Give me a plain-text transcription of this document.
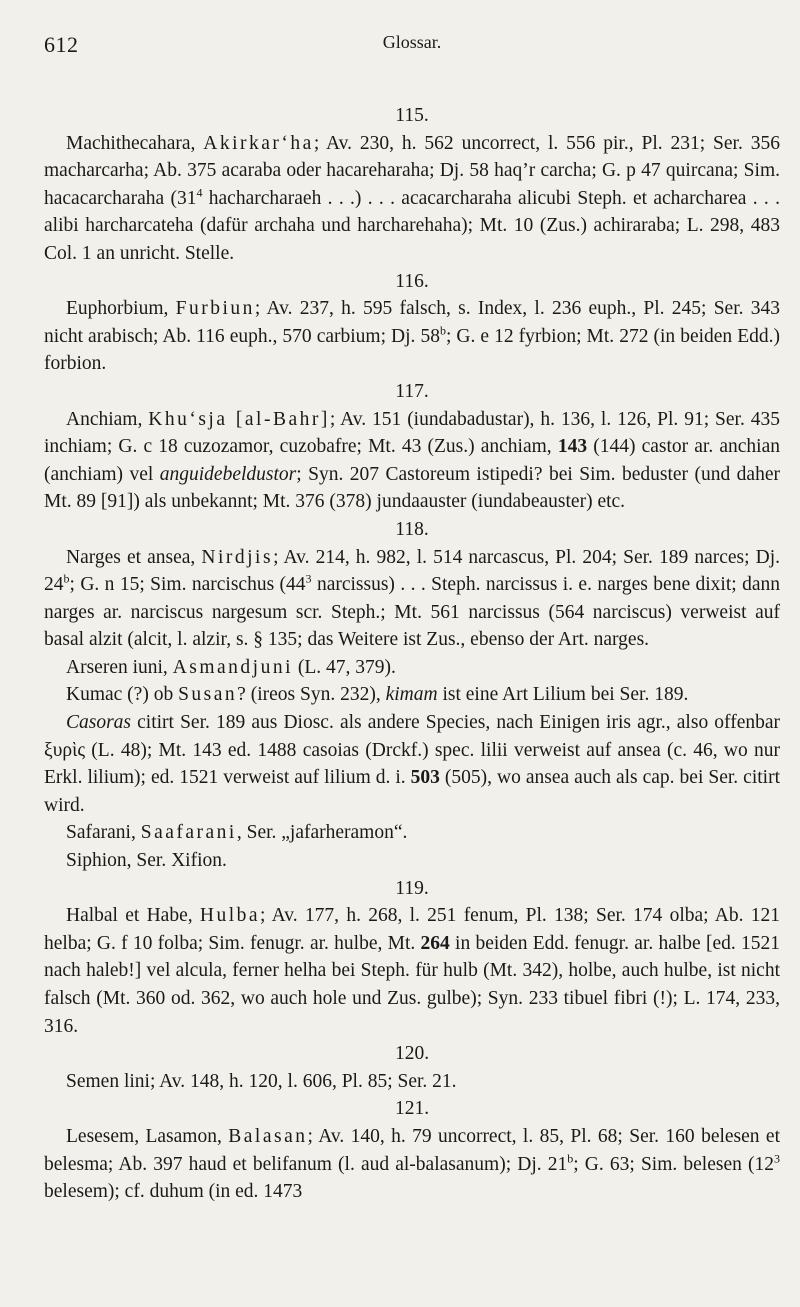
612	Glossar.
115.

Machithecahara, Akirkar‘ha; Av. 230, h. 562 uncorrect, l. 556 pir., Pl. 231; Ser. 356 macharcarha; Ab. 375 acaraba oder hacareharaha; Dj. 58 haq’r carcha; G. p 47 quircana; Sim. hacacarcharaha ($31^4$ hacharcharaeh . . .) . . . acacarcharaha alicubi Steph. et acharcharea . . . alibi harcharcateha (dafür archaha und harcharehaha); Mt. 10 (Zus.) achiraraba; L. 298, 483 Col. 1 an unricht. Stelle.

116.

Euphorbium, Furbiun; Av. 237, h. 595 falsch, s. Index, l. 236 euph., Pl. 245; Ser. 343 nicht arabisch; Ab. 116 euph., 570 carbium; Dj. 58$^b$; G. e 12 fyrbion; Mt. 272 (in beiden Edd.) forbion.

117.

Anchiam, Khu‘sja [al-Bahr]; Av. 151 (iundabadustar), h. 136, l. 126, Pl. 91; Ser. 435 inchiam; G. c 18 cuzozamor, cuzobafre; Mt. 43 (Zus.) anchiam, 143 (144) castor ar. anchian (anchiam) vel anguidebeldustor; Syn. 207 Castoreum istipedi? bei Sim. beduster (und daher Mt. 89 [91]) als unbekannt; Mt. 376 (378) jundaauster (iundabeauster) etc.

118.

Narges et ansea, Nirdjis; Av. 214, h. 982, l. 514 narcascus, Pl. 204; Ser. 189 narces; Dj. 24$^b$; G. n 15; Sim. narcischus ($44^3$ narcissus) . . . Steph. narcissus i. e. narges bene dixit; dann narges ar. narciscus nargesum scr. Steph.; Mt. 561 narcissus (564 narciscus) verweist auf basal alzit (alcit, l. alzir, s. § 135; das Weitere ist Zus., ebenso der Art. narges.

Arseren iuni, Asmandjuni (L. 47, 379).

Kumac (?) ob Susan? (ireos Syn. 232), kimam ist eine Art Lilium bei Ser. 189.

Casoras citirt Ser. 189 aus Diosc. als andere Species, nach Einigen iris agr., also offenbar ξυρὶς (L. 48); Mt. 143 ed. 1488 casoias (Drckf.) spec. lilii verweist auf ansea (c. 46, wo nur Erkl. lilium); ed. 1521 verweist auf lilium d. i. 503 (505), wo ansea auch als cap. bei Ser. citirt wird.

Safarani, Saafarani, Ser. „jafarheramon“.

Siphion, Ser. Xifion.

119.

Halbal et Habe, Hulba; Av. 177, h. 268, l. 251 fenum, Pl. 138; Ser. 174 olba; Ab. 121 helba; G. f 10 folba; Sim. fenugr. ar. hulbe, Mt. 264 in beiden Edd. fenugr. ar. halbe [ed. 1521 nach haleb!] vel alcula, ferner helha bei Steph. für hulb (Mt. 342), holbe, auch hulbe, ist nicht falsch (Mt. 360 od. 362, wo auch hole und Zus. gulbe); Syn. 233 tibuel fibri (!); L. 174, 233, 316.

120.

Semen lini; Av. 148, h. 120, l. 606, Pl. 85; Ser. 21.

121.

Lesesem, Lasamon, Balasan; Av. 140, h. 79 uncorrect, l. 85, Pl. 68; Ser. 160 belesen et belesma; Ab. 397 haud et belifanum (l. aud al-balasanum); Dj. 21$^b$; G. 63; Sim. belesen ($12^3$ belesem); cf. duhum (in ed. 1473
